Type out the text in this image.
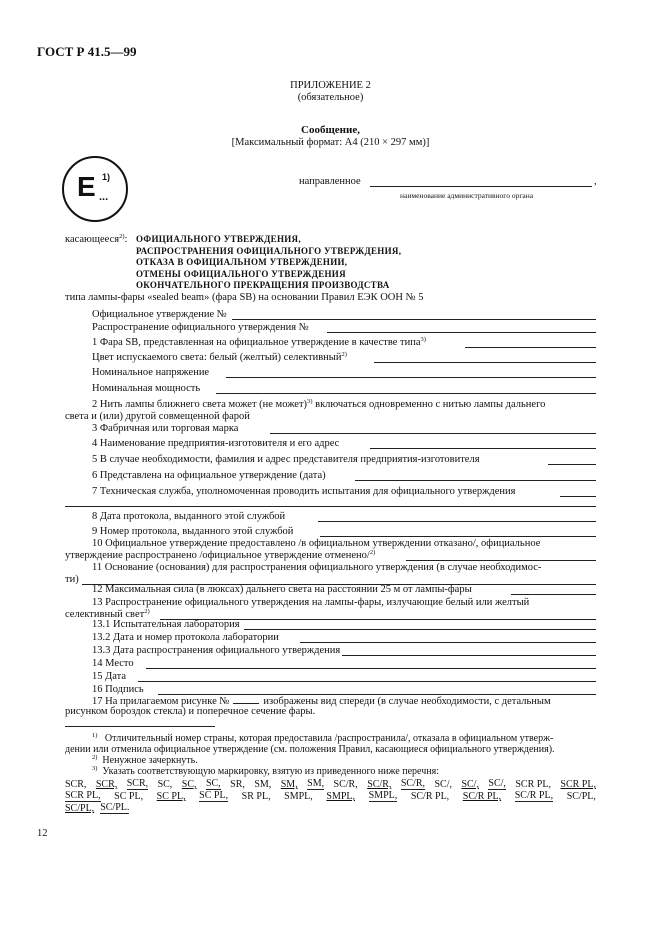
ГОСТ Р 41.5—99
ПРИЛОЖЕНИЕ 2
(обязательное)
Сообщение,
[Максимальный формат: А4 (210 × 297 мм)]
E ...
1)	направленное	,
наименование административного органа
касающееся$^{2)}$: ОФИЦИАЛЬНОГО УТВЕРЖДЕНИЯ,
РАСПРОСТРАНЕНИЯ ОФИЦИАЛЬНОГО УТВЕРЖДЕНИЯ,
ОТКАЗА В ОФИЦИАЛЬНОМ УТВЕРЖДЕНИИ,
ОТМЕНЫ ОФИЦИАЛЬНОГО УТВЕРЖДЕНИЯ
ОКОНЧАТЕЛЬНОГО ПРЕКРАЩЕНИЯ ПРОИЗВОДСТВА
типа лампы-фары «sealed beam» (фара SB) на основании Правил ЕЭК ООН № 5
Официальное утверждение №
Распространение официального утверждения №
1 Фара SB, представленная на официальное утверждение в качестве типа$^{3)}$
Цвет испускаемого света: белый (желтый) селективный$^{2)}$
Номинальное напряжение
Номинальная мощность
2 Нить лампы ближнего света может (не может)$^{3)}$ включаться одновременно с нитью лампы дальнего
света и (или) другой совмещенной фарой
3 Фабричная или торговая марка
4 Наименование предприятия-изготовителя и его адрес
5 В случае необходимости, фамилия и адрес представителя предприятия-изготовителя
6 Представлена на официальное утверждение (дата)
7 Техническая служба, уполномоченная проводить испытания для официального утверждения
8 Дата протокола, выданного этой службой
9 Номер протокола, выданного этой службой
10 Официальное утверждение предоставлено /в официальном утверждении отказано/, официальное
утверждение распространено /официальное утверждение отменено/$^{2)}$
11 Основание (основания) для распространения официального утверждения (в случае необходимос-
ти)
12 Максимальная сила (в люксах) дальнего света на расстоянии 25 м от лампы-фары
13 Распространение официального утверждения на лампы-фары, излучающие белый или желтый
селективный свет$^{2)}$
13.1 Испытательная лаборатория
13.2 Дата и номер протокола лаборатории
13.3 Дата распространения официального утверждения
14 Место
15 Дата
16 Подпись
17 На прилагаемом рисунке №	изображены вид спереди (в случае необходимости, с детальным
рисунком бороздок стекла) и поперечное сечение фары.
$^{1)}$ Отличительный номер страны, которая предоставила /распространила/, отказала в официальном утверж-
дении или отменила официальное утверждение (см. положения Правил, касающиеся официального утверждения).
$^{2)}$ Ненужное зачеркнуть.
$^{3)}$ Указать соответствующую маркировку, взятую из приведенного ниже перечня:
SCR, SCR, SCR, SC, SC, SC, SR, SM, SM, SM, SC/R, SC/R, SC/R, SC/, SC/, SC/, SCR PL, SCR PL,
SCR PL, SC PL, SC PL, SC PL, SR PL, SMPL, SMPL, SMPL, SC/R PL, SC/R PL, SC/R PL, SC/PL,
SC/PL, SC/PL.
12
